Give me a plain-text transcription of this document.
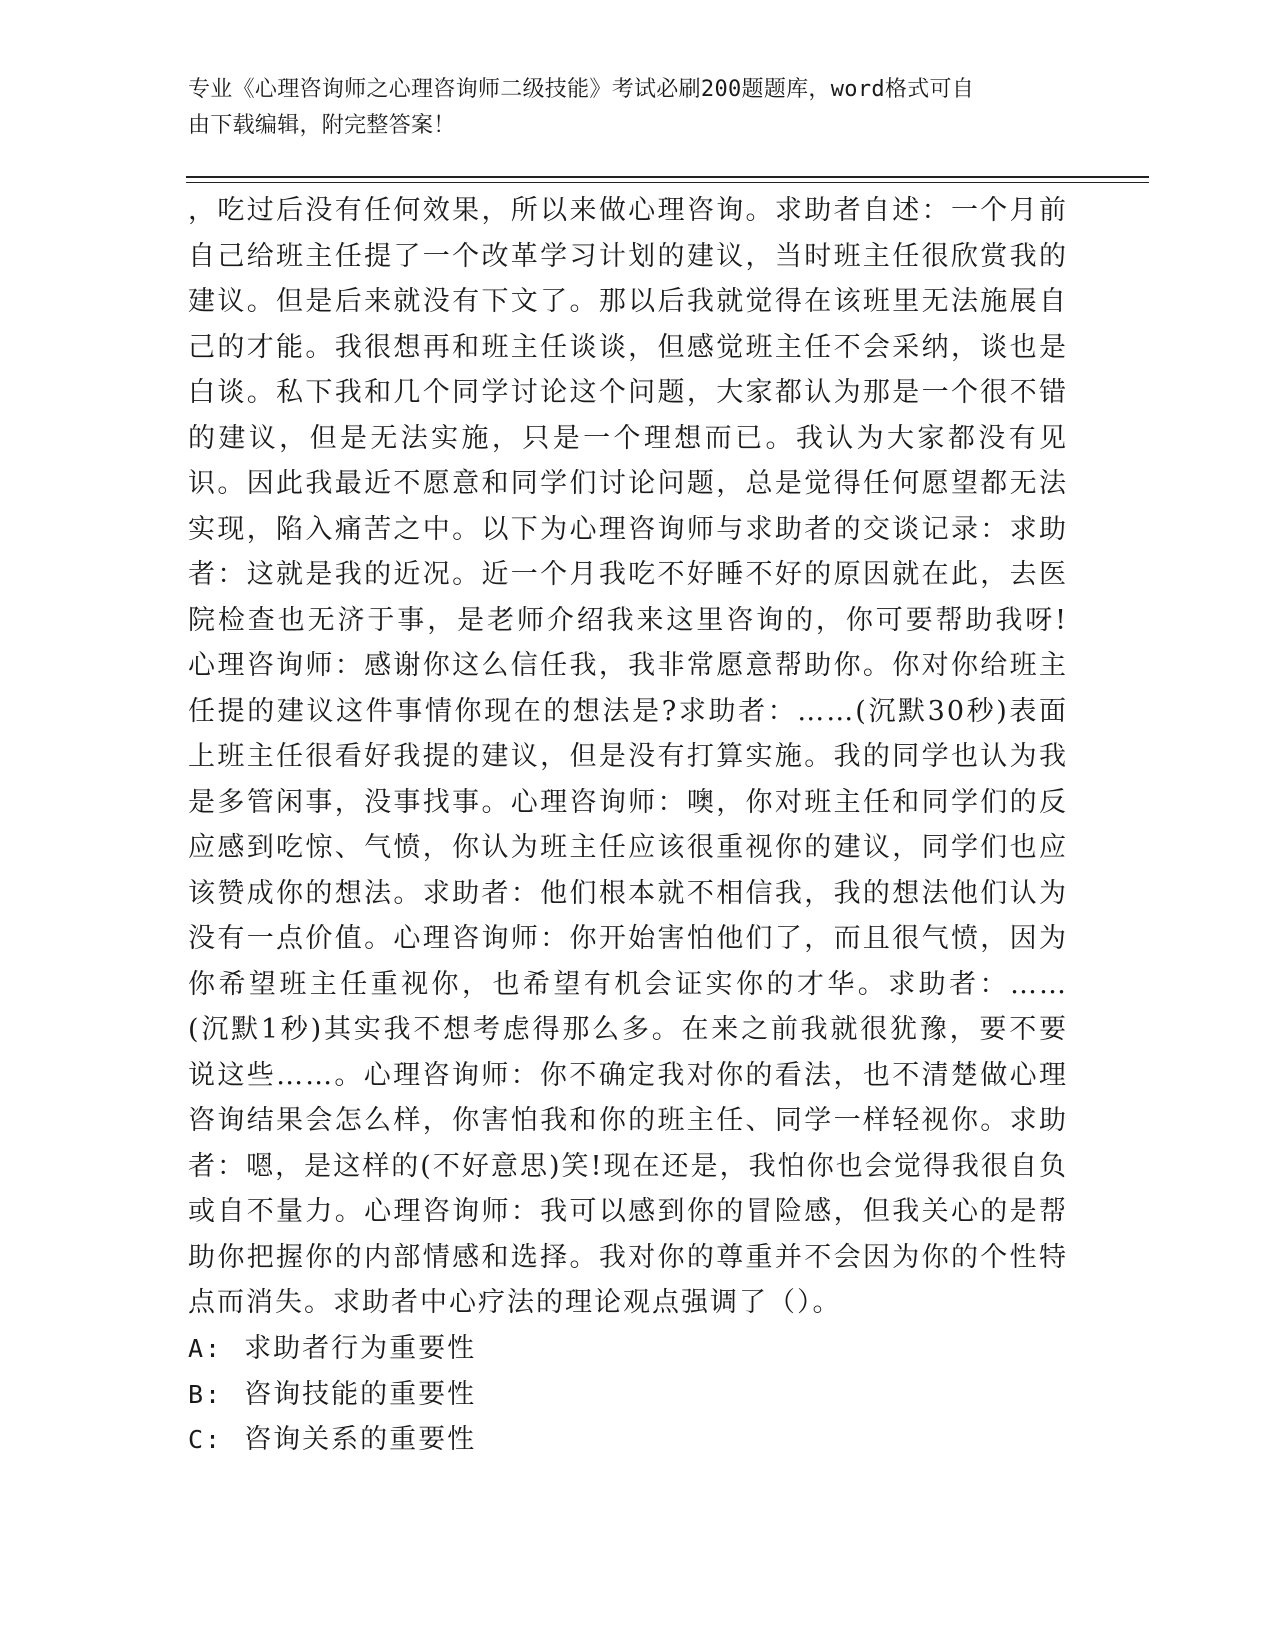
专业《心理咨询师之心理咨询师二级技能》考试必刷200题题库，word格式可自
由下载编辑，附完整答案！
，吃过后没有任何效果，所以来做心理咨询。求助者自述：一个月前自己给班主任提了一个改革学习计划的建议，当时班主任很欣赏我的建议。但是后来就没有下文了。那以后我就觉得在该班里无法施展自己的才能。我很想再和班主任谈谈，但感觉班主任不会采纳，谈也是白谈。私下我和几个同学讨论这个问题，大家都认为那是一个很不错的建议，但是无法实施，只是一个理想而已。我认为大家都没有见识。因此我最近不愿意和同学们讨论问题，总是觉得任何愿望都无法实现，陷入痛苦之中。以下为心理咨询师与求助者的交谈记录：求助者：这就是我的近况。近一个月我吃不好睡不好的原因就在此，去医院检查也无济于事，是老师介绍我来这里咨询的，你可要帮助我呀!心理咨询师：感谢你这么信任我，我非常愿意帮助你。你对你给班主任提的建议这件事情你现在的想法是?求助者：……(沉默30秒)表面上班主任很看好我提的建议，但是没有打算实施。我的同学也认为我是多管闲事，没事找事。心理咨询师：噢，你对班主任和同学们的反应感到吃惊、气愤，你认为班主任应该很重视你的建议，同学们也应该赞成你的想法。求助者：他们根本就不相信我，我的想法他们认为没有一点价值。心理咨询师：你开始害怕他们了，而且很气愤，因为你希望班主任重视你，也希望有机会证实你的才华。求助者：……(沉默1秒)其实我不想考虑得那么多。在来之前我就很犹豫，要不要说这些……。心理咨询师：你不确定我对你的看法，也不清楚做心理咨询结果会怎么样，你害怕我和你的班主任、同学一样轻视你。求助者：嗯，是这样的(不好意思)笑!现在还是，我怕你也会觉得我很自负或自不量力。心理咨询师：我可以感到你的冒险感，但我关心的是帮助你把握你的内部情感和选择。我对你的尊重并不会因为你的个性特点而消失。求助者中心疗法的理论观点强调了（）。
A: 求助者行为重要性
B: 咨询技能的重要性
C: 咨询关系的重要性
